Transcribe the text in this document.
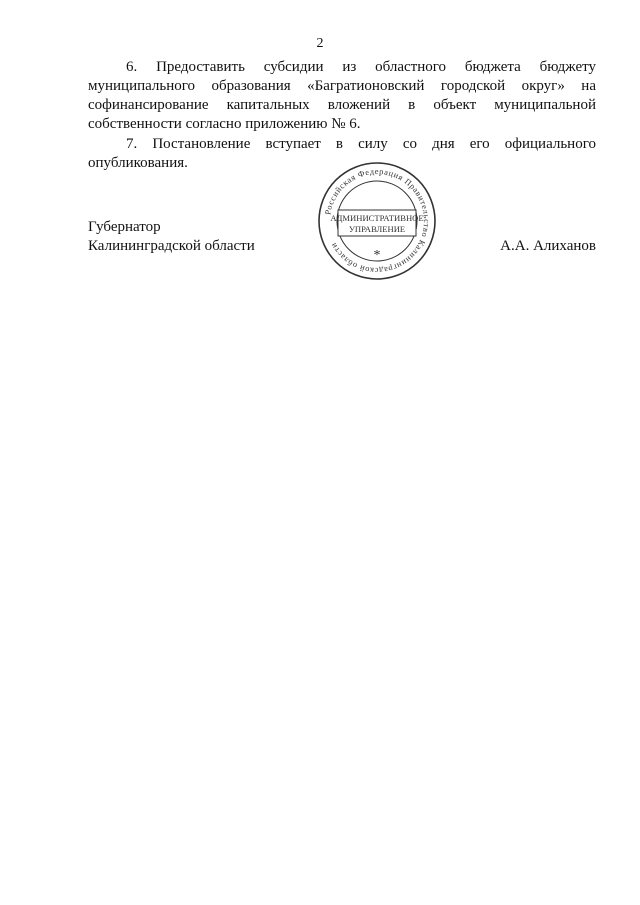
2

6. Предоставить субсидии из областного бюджета бюджету муниципального образования «Багратионовский городской округ» на софинансирование капитальных вложений в объект муниципальной собственности согласно приложению № 6.

7. Постановление вступает в силу со дня его официального опубликования.

Губернатор
Калининградской области	А.А. Алиханов
Российская Федерация Правительство Калининградской области
АДМИНИСТРАТИВНОЕ
УПРАВЛЕНИЕ
*
